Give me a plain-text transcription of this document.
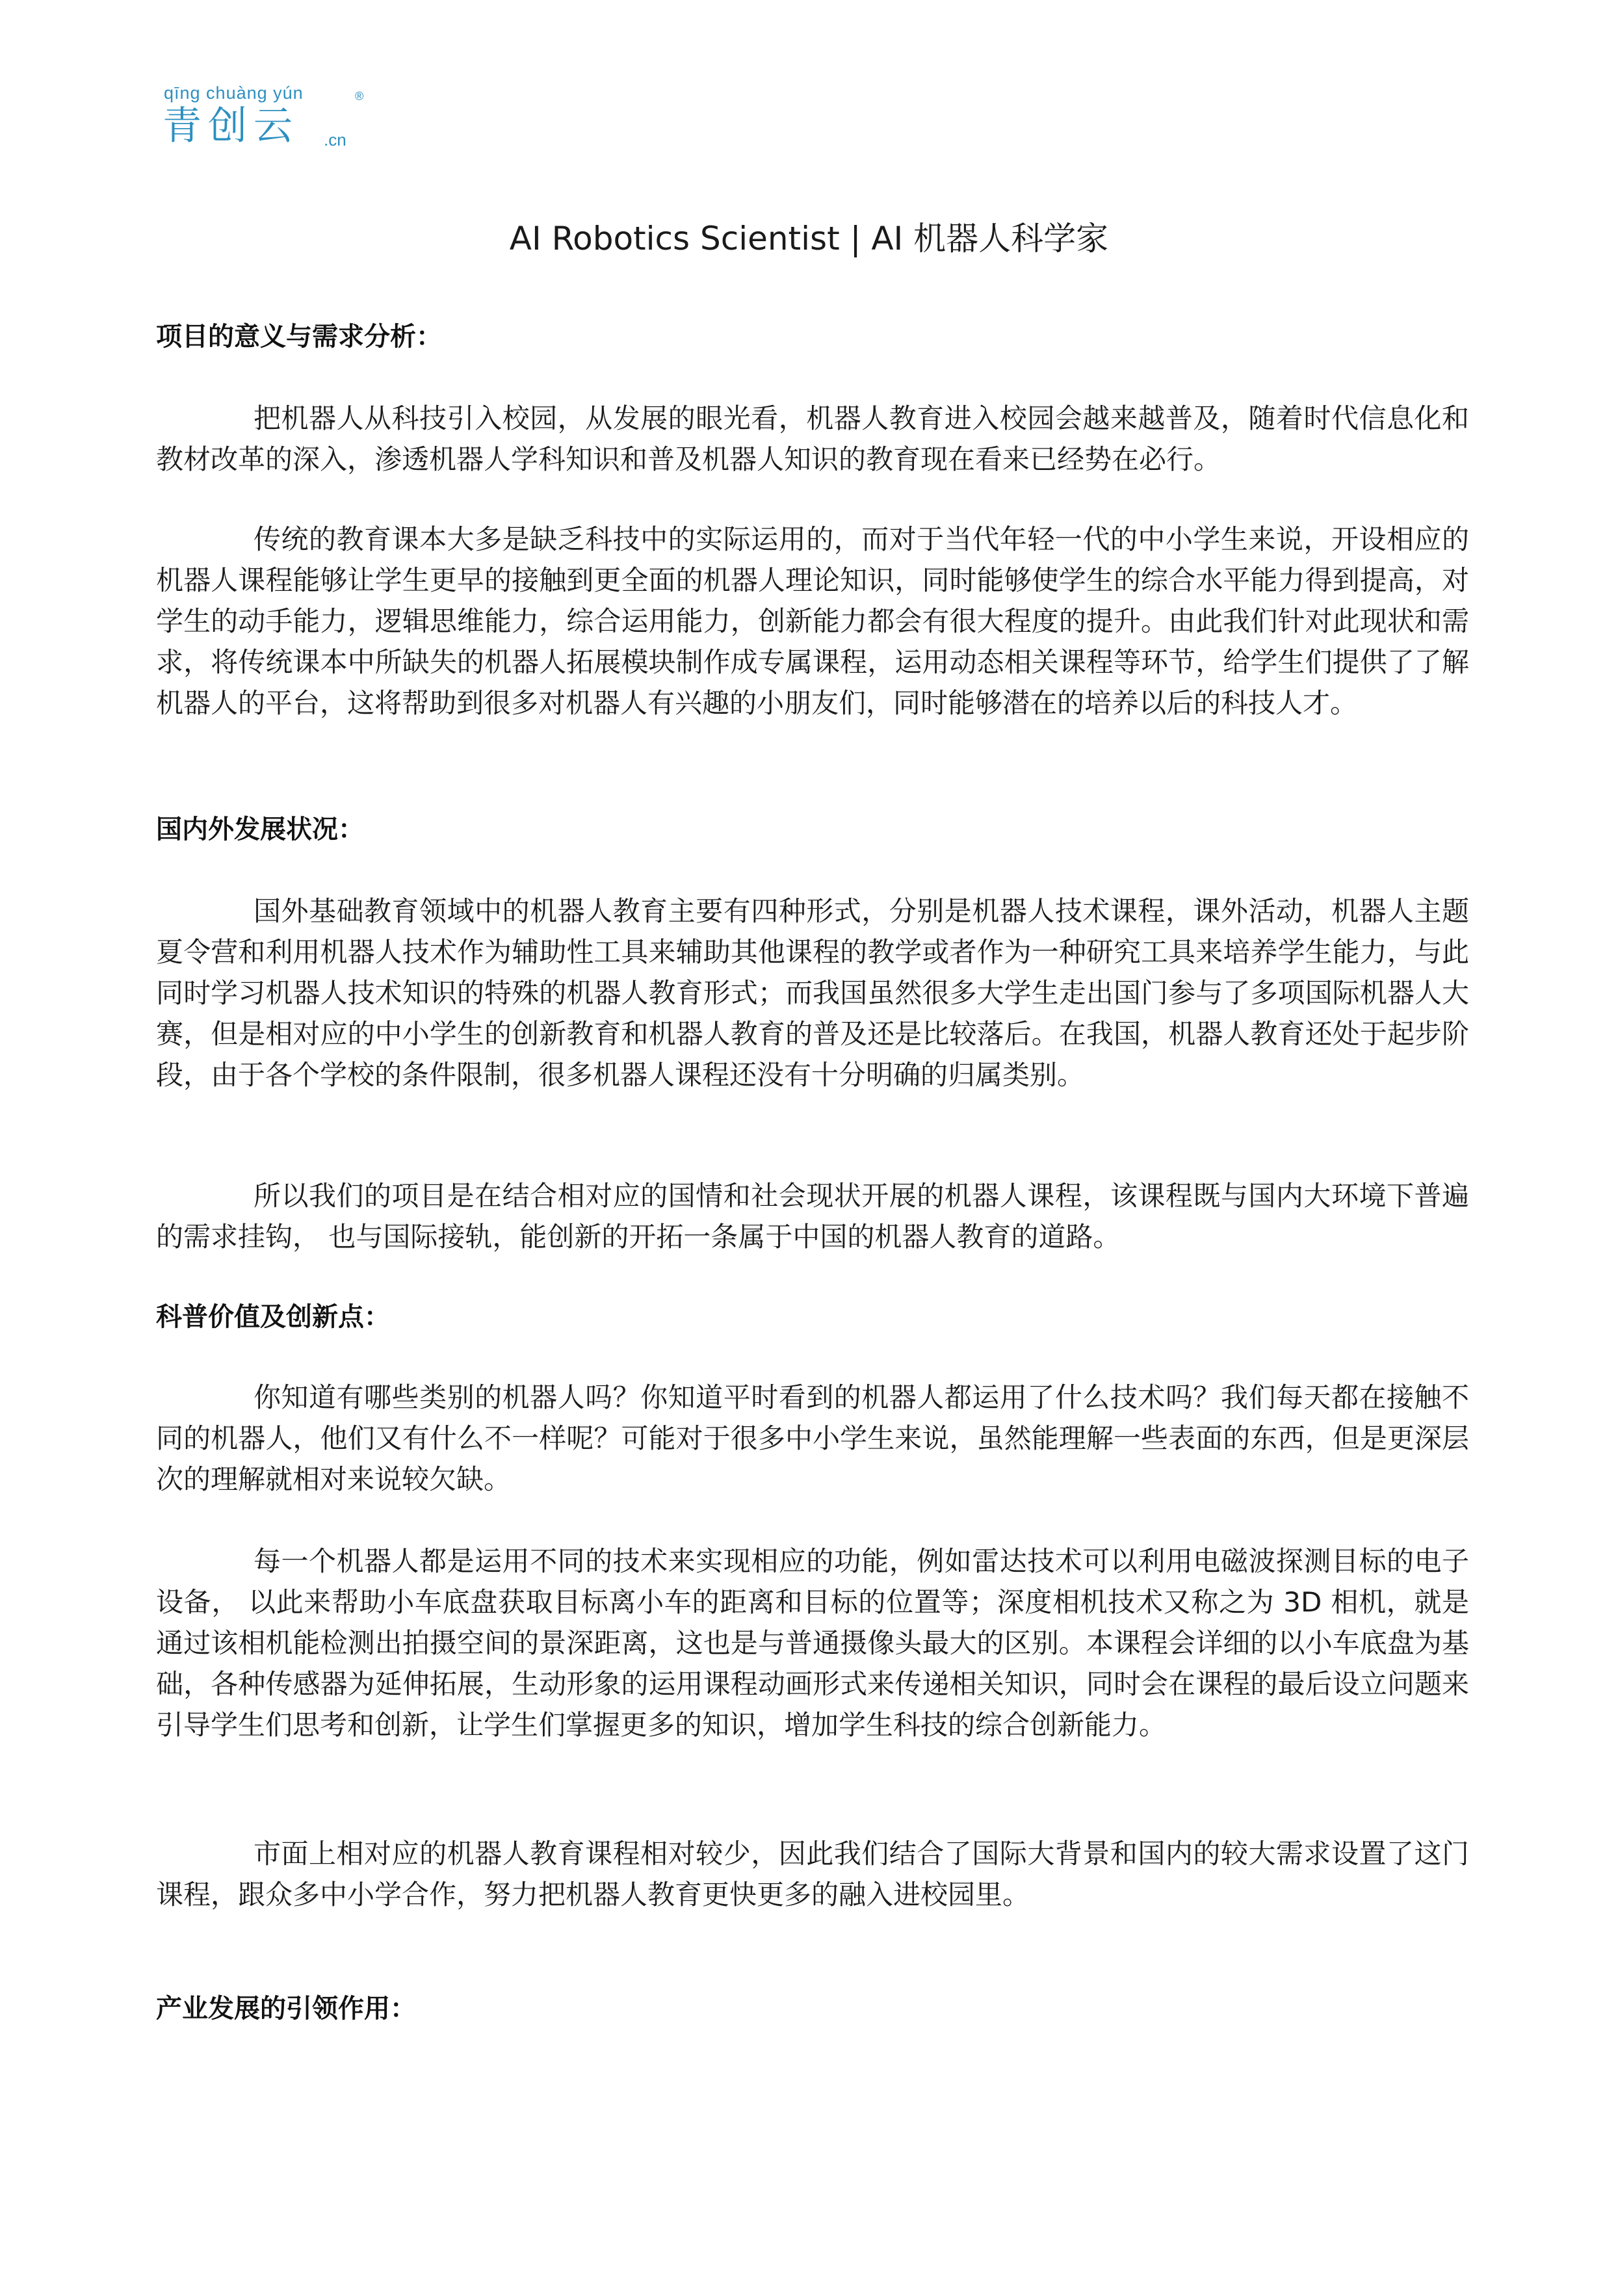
qīng chuàng yún
青创云 .cn
®
AI Robotics Scientist | AI 机器人科学家
项目的意义与需求分析：
把机器人从科技引入校园，从发展的眼光看，机器人教育进入校园会越来越普及，随着时代信息化和教材改革的深入，渗透机器人学科知识和普及机器人知识的教育现在看来已经势在必行。
传统的教育课本大多是缺乏科技中的实际运用的，而对于当代年轻一代的中小学生来说，开设相应的机器人课程能够让学生更早的接触到更全面的机器人理论知识，同时能够使学生的综合水平能力得到提高，对学生的动手能力，逻辑思维能力，综合运用能力，创新能力都会有很大程度的提升。由此我们针对此现状和需求，将传统课本中所缺失的机器人拓展模块制作成专属课程，运用动态相关课程等环节，给学生们提供了了解机器人的平台，这将帮助到很多对机器人有兴趣的小朋友们，同时能够潜在的培养以后的科技人才。
国内外发展状况：
国外基础教育领域中的机器人教育主要有四种形式，分别是机器人技术课程，课外活动，机器人主题夏令营和利用机器人技术作为辅助性工具来辅助其他课程的教学或者作为一种研究工具来培养学生能力，与此同时学习机器人技术知识的特殊的机器人教育形式；而我国虽然很多大学生走出国门参与了多项国际机器人大赛，但是相对应的中小学生的创新教育和机器人教育的普及还是比较落后。在我国，机器人教育还处于起步阶段，由于各个学校的条件限制，很多机器人课程还没有十分明确的归属类别。
所以我们的项目是在结合相对应的国情和社会现状开展的机器人课程，该课程既与国内大环境下普遍的需求挂钩， 也与国际接轨，能创新的开拓一条属于中国的机器人教育的道路。
科普价值及创新点：
你知道有哪些类别的机器人吗？你知道平时看到的机器人都运用了什么技术吗？我们每天都在接触不同的机器人，他们又有什么不一样呢？可能对于很多中小学生来说，虽然能理解一些表面的东西，但是更深层次的理解就相对来说较欠缺。
每一个机器人都是运用不同的技术来实现相应的功能，例如雷达技术可以利用电磁波探测目标的电子设备， 以此来帮助小车底盘获取目标离小车的距离和目标的位置等；深度相机技术又称之为 3D 相机，就是通过该相机能检测出拍摄空间的景深距离，这也是与普通摄像头最大的区别。本课程会详细的以小车底盘为基础，各种传感器为延伸拓展，生动形象的运用课程动画形式来传递相关知识，同时会在课程的最后设立问题来引导学生们思考和创新，让学生们掌握更多的知识，增加学生科技的综合创新能力。
市面上相对应的机器人教育课程相对较少，因此我们结合了国际大背景和国内的较大需求设置了这门课程，跟众多中小学合作，努力把机器人教育更快更多的融入进校园里。
产业发展的引领作用：
